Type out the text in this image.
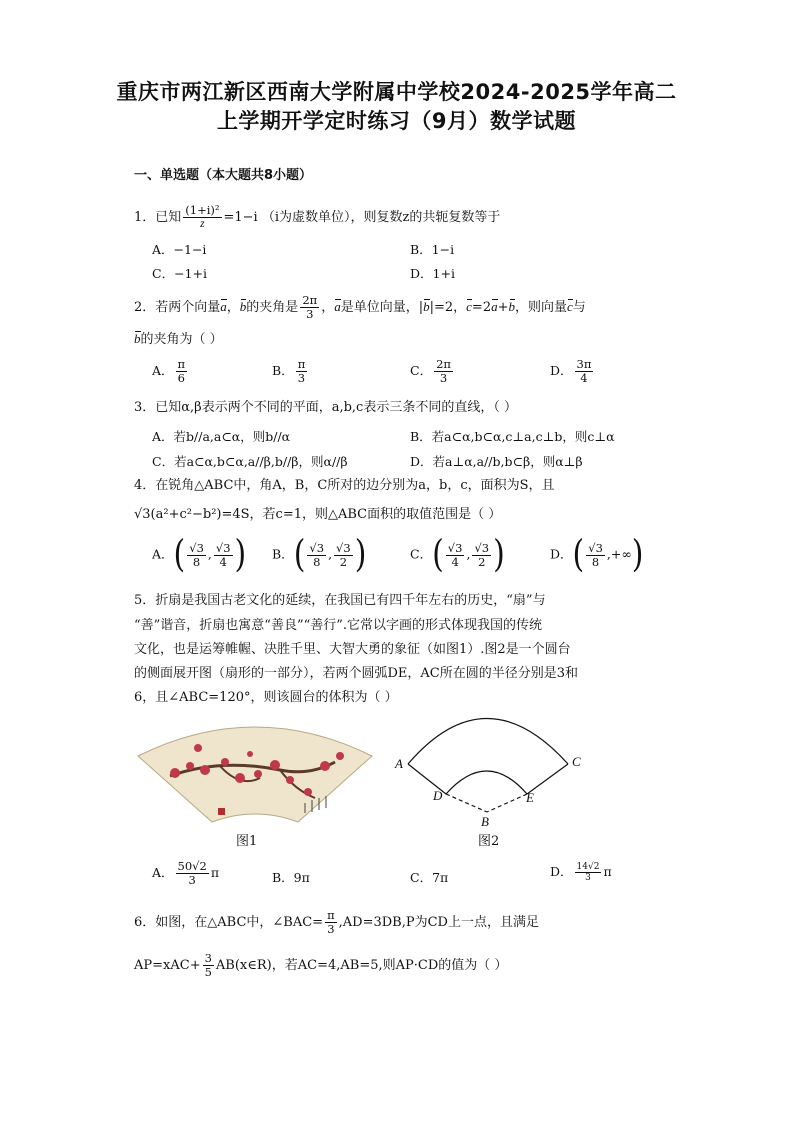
重庆市两江新区西南大学附属中学校2024-2025学年高二
上学期开学定时练习（9月）数学试题
一、单选题（本大题共8小题）
1．已知 $\frac{\text{(1+i)²}}{z} =1-i$ （i为虚数单位），则复数z的共轭复数等于
A．−1−i	B．1−i
C．−1+i	D．1+i
2．若两个向量a，b的夹角是 $\frac{2\pi}{3}$ ，a是单位向量，|b|=2，c=2a+b，则向量c与
b的夹角为（ ）
A． $\frac{\pi}{6}$	B． $\frac{\pi}{3}$	C． $\frac{2\pi}{3}$	D． $\frac{3\pi}{4}$
3．已知α,β表示两个不同的平面，a,b,c表示三条不同的直线，（ ）
A．若b//a,a⊂α，则b//α	B．若a⊂α,b⊂α,c⊥a,c⊥b，则c⊥α
C．若a⊂α,b⊂α,a//β,b//β，则α//β	D．若a⊥α,a//b,b⊂β，则α⊥β
4．在锐角△ABC中，角A，B，C所对的边分别为a，b，c，面积为S，且
√3(a²+c²−b²)=4S，若c=1，则△ABC面积的取值范围是（ ）
A．( $\frac{√3}{8}$ , $\frac{√3}{4}$ ) B．( $\frac{√3}{8}$ , $\frac{√3}{2}$ )	C．( $\frac{√3}{4}$ , $\frac{√3}{2}$ )	D．( $\frac{√3}{8}$ ,+∞)
5．折扇是我国古老文化的延续，在我国已有四千年左右的历史，“扇”与
“善”谐音，折扇也寓意“善良”“善行”.它常以字画的形式体现我国的传统
文化，也是运筹帷幄、决胜千里、大智大勇的象征（如图1）.图2是一个圆台
的侧面展开图（扇形的一部分），若两个圆弧DE，AC所在圆的半径分别是3和
6，且∠ABC=120°，则该圆台的体积为（ ）
图1
A	C
D	E
B
图2
A． $\frac{50√2}{3}$ π	B．9π	C．7π	D． $\frac{14√2}{3}$ π
6．如图，在△ABC中，∠BAC= $\frac{\pi}{3} ,AD=3DB,P$为CD上一点，且满足
$AP=xAC+ \frac{3}{5}$ AB(x∈R)，若AC=4,AB=5,则AP·CD的值为（ ）
